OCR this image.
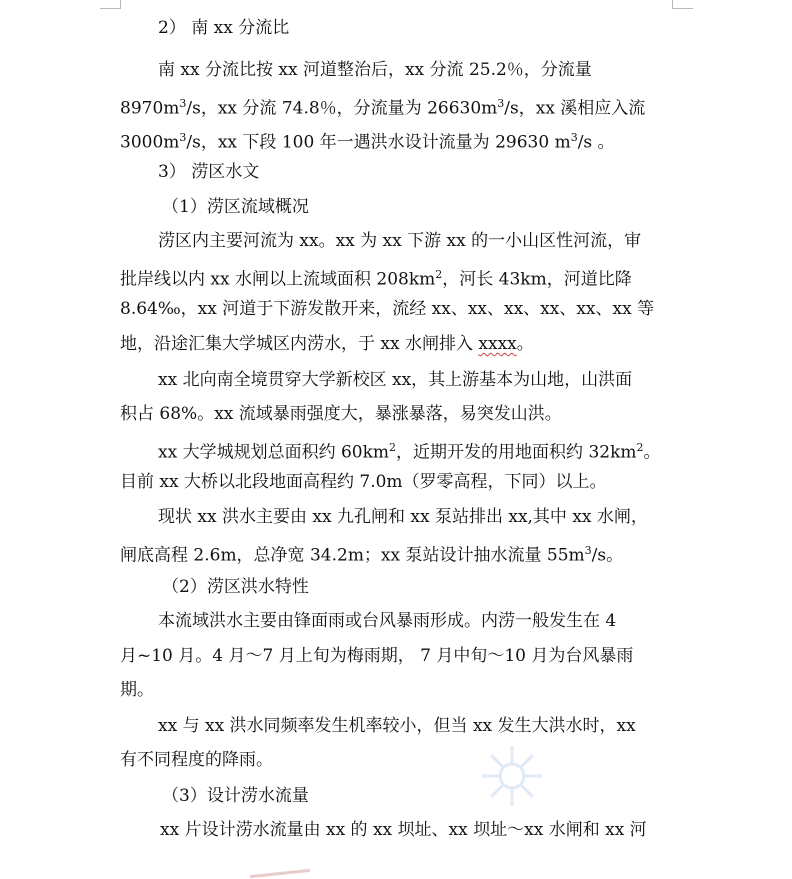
2） 南 xx 分流比
南 xx 分流比按 xx 河道整治后，xx 分流 25.2％，分流量
$8970m^3/s$，xx 分流 74.8％，分流量为 $26630m^3/s$，xx 溪相应入流
$3000m^3/s$，xx 下段 100 年一遇洪水设计流量为 29630 $m^3/s$ 。
3） 涝区水文
（1）涝区流域概况
涝区内主要河流为 xx。xx 为 xx 下游 xx 的一小山区性河流，审
批岸线以内 xx 水闸以上流域面积 $208km^2$，河长 43km，河道比降
8.64‰，xx 河道于下游发散开来，流经 xx、xx、xx、xx、xx、xx 等
地，沿途汇集大学城区内涝水，于 xx 水闸排入 xxxx。
xx 北向南全境贯穿大学新校区 xx，其上游基本为山地，山洪面
积占 68%。xx 流域暴雨强度大，暴涨暴落，易突发山洪。
xx 大学城规划总面积约 $60km^2$，近期开发的用地面积约 $32km^2$。
目前 xx 大桥以北段地面高程约 7.0m（罗零高程，下同）以上。
现状 xx 洪水主要由 xx 九孔闸和 xx 泵站排出 xx,其中 xx 水闸，
闸底高程 2.6m，总净宽 34.2m；xx 泵站设计抽水流量 $55m^3/s$。
（2）涝区洪水特性
本流域洪水主要由锋面雨或台风暴雨形成。内涝一般发生在 4
月~10 月。4 月～7 月上旬为梅雨期， 7 月中旬～10 月为台风暴雨
期。
xx 与 xx 洪水同频率发生机率较小，但当 xx 发生大洪水时，xx
有不同程度的降雨。
（3）设计涝水流量
xx 片设计涝水流量由 xx 的 xx 坝址、xx 坝址～xx 水闸和 xx 河
